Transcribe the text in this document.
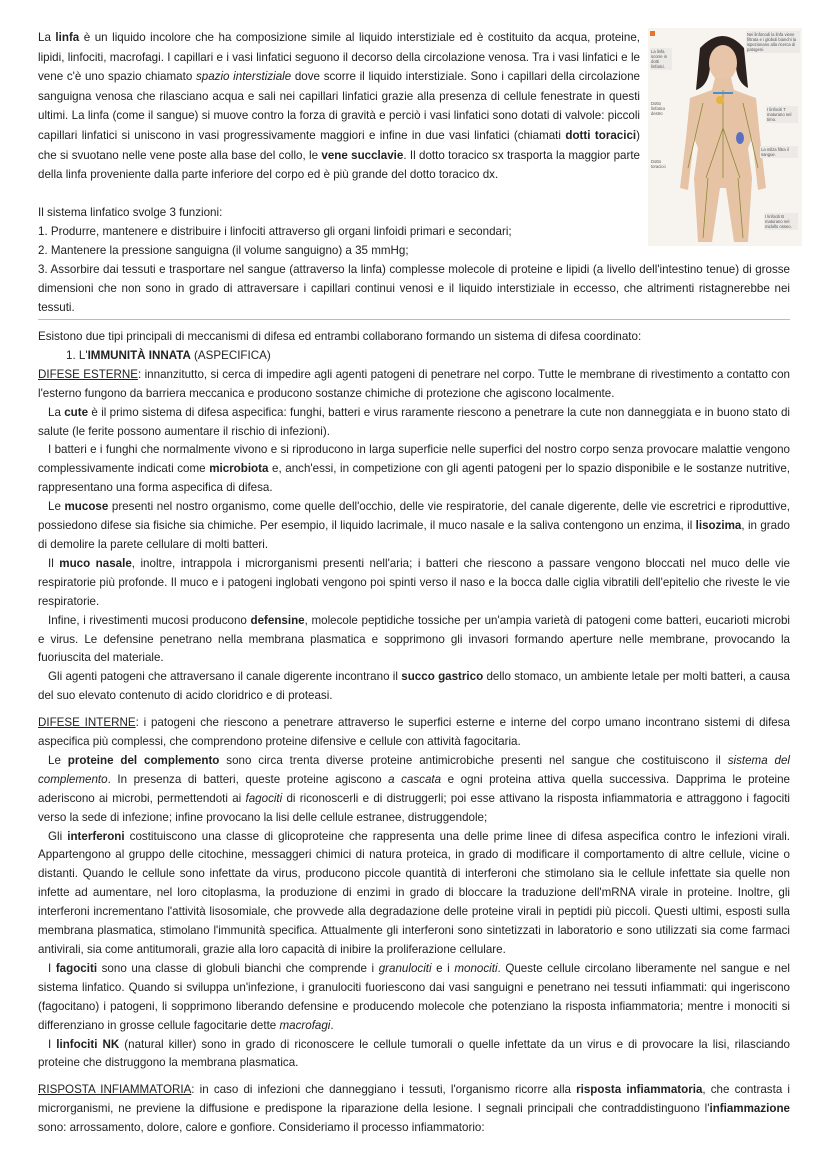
La linfa è un liquido incolore che ha composizione simile al liquido interstiziale ed è costituito da acqua, proteine, lipidi, linfociti, macrofagi. I capillari e i vasi linfatici seguono il decorso della circolazione venosa. Tra i vasi linfatici e le vene c'è uno spazio chiamato spazio interstiziale dove scorre il liquido interstiziale. Sono i capillari della circolazione sanguigna venosa che rilasciano acqua e sali nei capillari linfatici grazie alla presenza di cellule fenestrate in questi ultimi. La linfa (come il sangue) si muove contro la forza di gravità e perciò i vasi linfatici sono dotati di valvole: piccoli capillari linfatici si uniscono in vasi progressivamente maggiori e infine in due vasi linfatici (chiamati dotti toracici) che si svuotano nelle vene poste alla base del collo, le vene succlavie. Il dotto toracico sx trasporta la maggior parte della linfa proveniente dalla parte inferiore del corpo ed è più grande del dotto toracico dx.

La linfa scorre in dotti linfatici.
Nei linfonodi la linfa viene filtrata e i globuli bianchi la ispezionano alla ricerca di patogeni.
Dotto linfatico destro
I linfociti T maturano nel timo.
La milza filtra il sangue.
Dotto toracico
I linfociti B maturano nel midollo osseo.

Il sistema linfatico svolge 3 funzioni:

1. Produrre, mantenere e distribuire i linfociti attraverso gli organi linfoidi primari e secondari;

2. Mantenere la pressione sanguigna (il volume sanguigno) a 35 mmHg;

3. Assorbire dai tessuti e trasportare nel sangue (attraverso la linfa) complesse molecole di proteine e lipidi (a livello dell'intestino tenue) di grosse dimensioni che non sono in grado di attraversare i capillari continui venosi e il liquido interstiziale in eccesso, che altrimenti ristagnerebbe nei tessuti.

Esistono due tipi principali di meccanismi di difesa ed entrambi collaborano formando un sistema di difesa coordinato:

1. L'IMMUNITÀ INNATA (ASPECIFICA)

DIFESE ESTERNE: innanzitutto, si cerca di impedire agli agenti patogeni di penetrare nel corpo. Tutte le membrane di rivestimento a contatto con l'esterno fungono da barriera meccanica e producono sostanze chimiche di protezione che agiscono localmente.

La cute è il primo sistema di difesa aspecifica: funghi, batteri e virus raramente riescono a penetrare la cute non danneggiata e in buono stato di salute (le ferite possono aumentare il rischio di infezioni).

I batteri e i funghi che normalmente vivono e si riproducono in larga superficie nelle superfici del nostro corpo senza provocare malattie vengono complessivamente indicati come microbiota e, anch'essi, in competizione con gli agenti patogeni per lo spazio disponibile e le sostanze nutritive, rappresentano una forma aspecifica di difesa.

Le mucose presenti nel nostro organismo, come quelle dell'occhio, delle vie respiratorie, del canale digerente, delle vie escretrici e riproduttive, possiedono difese sia fisiche sia chimiche. Per esempio, il liquido lacrimale, il muco nasale e la saliva contengono un enzima, il lisozima, in grado di demolire la parete cellulare di molti batteri.

Il muco nasale, inoltre, intrappola i microrganismi presenti nell'aria; i batteri che riescono a passare vengono bloccati nel muco delle vie respiratorie più profonde. Il muco e i patogeni inglobati vengono poi spinti verso il naso e la bocca dalle ciglia vibratili dell'epitelio che riveste le vie respiratorie.

Infine, i rivestimenti mucosi producono defensine, molecole peptidiche tossiche per un'ampia varietà di patogeni come batteri, eucarioti microbi e virus. Le defensine penetrano nella membrana plasmatica e sopprimono gli invasori formando aperture nelle membrane, provocando la fuoriuscita del materiale.

Gli agenti patogeni che attraversano il canale digerente incontrano il succo gastrico dello stomaco, un ambiente letale per molti batteri, a causa del suo elevato contenuto di acido cloridrico e di proteasi.

DIFESE INTERNE: i patogeni che riescono a penetrare attraverso le superfici esterne e interne del corpo umano incontrano sistemi di difesa aspecifica più complessi, che comprendono proteine difensive e cellule con attività fagocitaria.

Le proteine del complemento sono circa trenta diverse proteine antimicrobiche presenti nel sangue che costituiscono il sistema del complemento. In presenza di batteri, queste proteine agiscono a cascata e ogni proteina attiva quella successiva. Dapprima le proteine aderiscono ai microbi, permettendoti ai fagociti di riconoscerli e di distruggerli; poi esse attivano la risposta infiammatoria e attraggono i fagociti verso la sede di infezione; infine provocano la lisi delle cellule estranee, distruggendole;

Gli interferoni costituiscono una classe di glicoproteine che rappresenta una delle prime linee di difesa aspecifica contro le infezioni virali. Appartengono al gruppo delle citochine, messaggeri chimici di natura proteica, in grado di modificare il comportamento di altre cellule, vicine o distanti. Quando le cellule sono infettate da virus, producono piccole quantità di interferoni che stimolano sia le cellule infettate sia quelle non infette ad aumentare, nel loro citoplasma, la produzione di enzimi in grado di bloccare la traduzione dell'mRNA virale in proteine. Inoltre, gli interferoni incrementano l'attività lisosomiale, che provvede alla degradazione delle proteine virali in peptidi più piccoli. Questi ultimi, esposti sulla membrana plasmatica, stimolano l'immunità specifica. Attualmente gli interferoni sono sintetizzati in laboratorio e sono utilizzati sia come farmaci antivirali, sia come antitumorali, grazie alla loro capacità di inibire la proliferazione cellulare.

I fagociti sono una classe di globuli bianchi che comprende i granulociti e i monociti. Queste cellule circolano liberamente nel sangue e nel sistema linfatico. Quando si sviluppa un'infezione, i granulociti fuoriescono dai vasi sanguigni e penetrano nei tessuti infiammati: qui ingeriscono (fagocitano) i patogeni, li sopprimono liberando defensine e producendo molecole che potenziano la risposta infiammatoria; mentre i monociti si differenziano in grosse cellule fagocitarie dette macrofagi.

I linfociti NK (natural killer) sono in grado di riconoscere le cellule tumorali o quelle infettate da un virus e di provocare la lisi, rilasciando proteine che distruggono la membrana plasmatica.

RISPOSTA INFIAMMATORIA: in caso di infezioni che danneggiano i tessuti, l'organismo ricorre alla risposta infiammatoria, che contrasta i microrganismi, ne previene la diffusione e predispone la riparazione della lesione. I segnali principali che contraddistinguono l'infiammazione sono: arrossamento, dolore, calore e gonfiore. Consideriamo il processo infiammatorio:
